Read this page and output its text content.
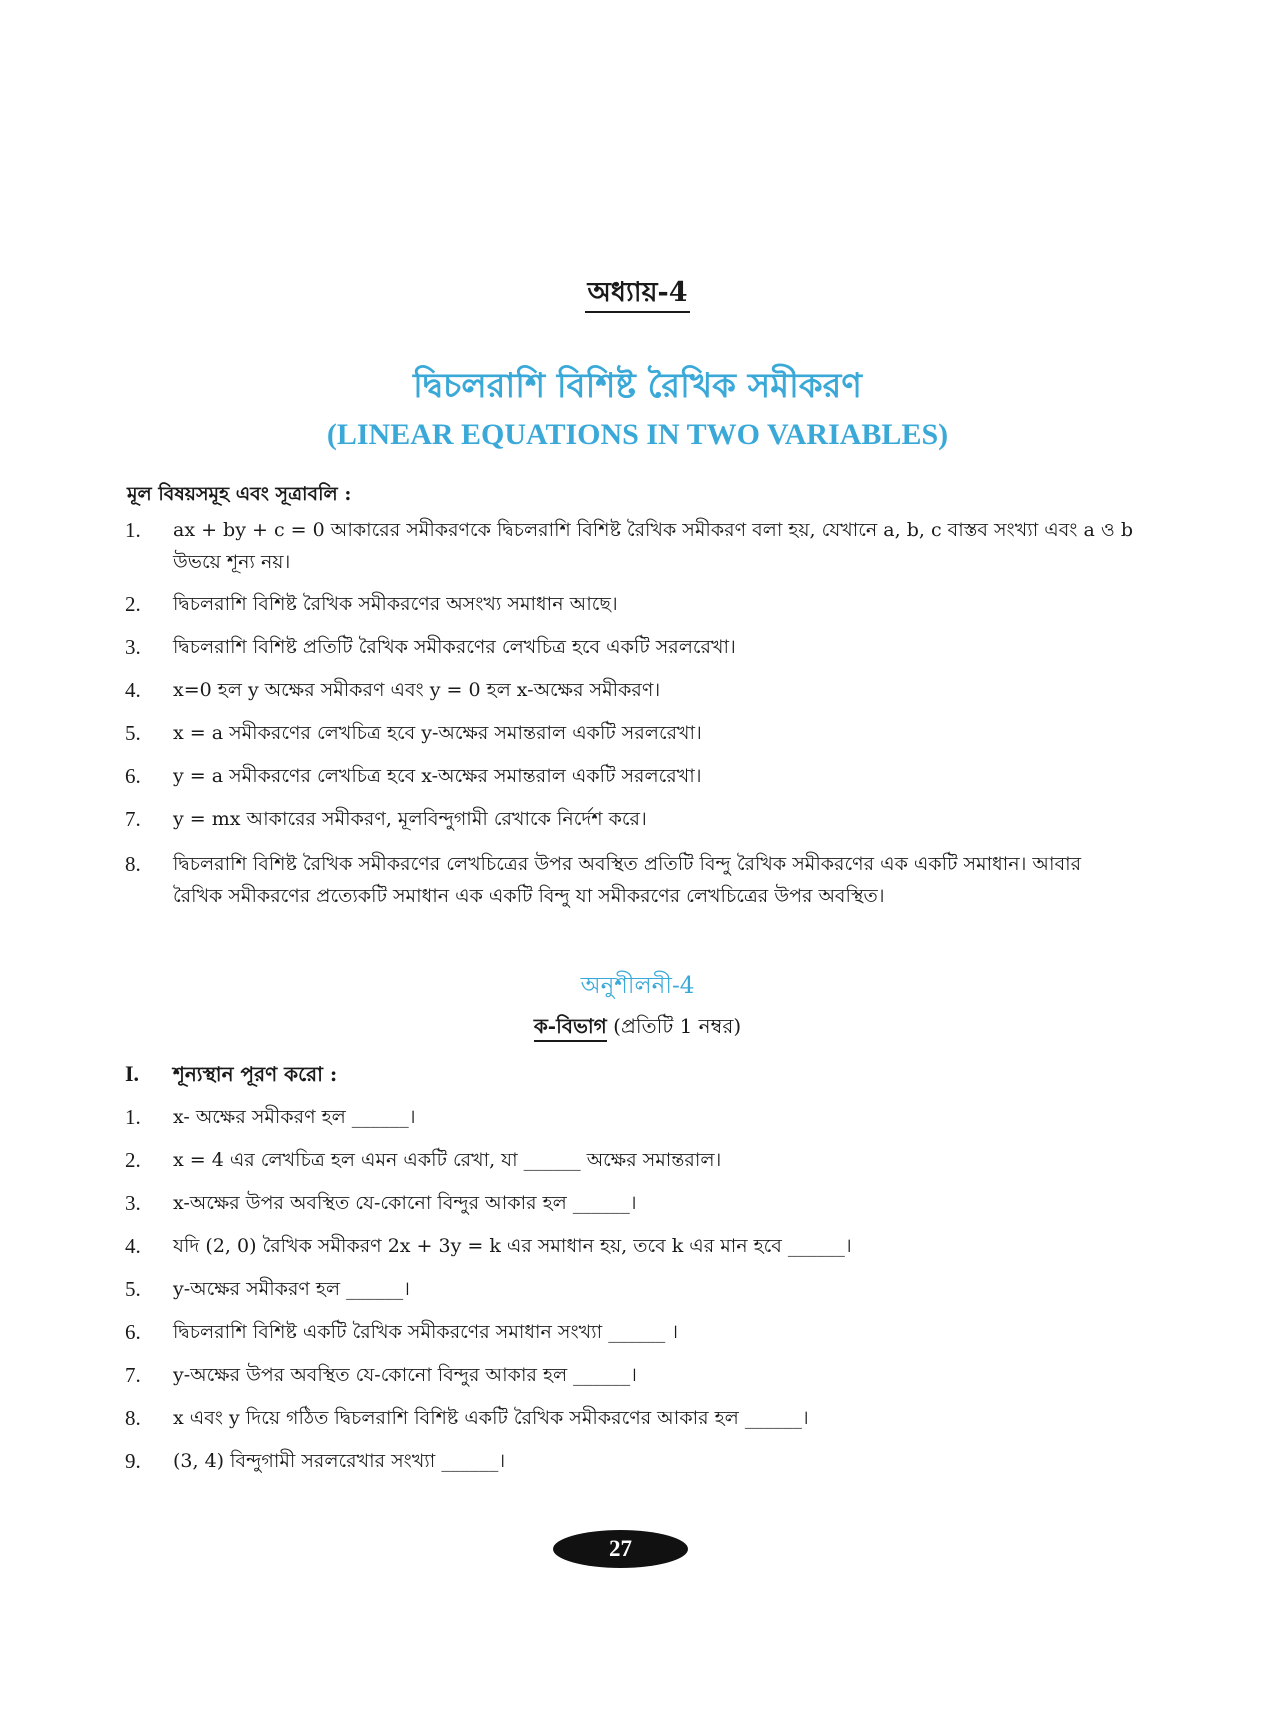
অধ্যায়-4
দ্বিচলরাশি বিশিষ্ট রৈখিক সমীকরণ
(LINEAR EQUATIONS IN TWO VARIABLES)
মূল বিষয়সমূহ এবং সূত্রাবলি :
1.	ax + by + c = 0 আকারের সমীকরণকে দ্বিচলরাশি বিশিষ্ট রৈখিক সমীকরণ বলা হয়, যেখানে a, b, c বাস্তব সংখ্যা এবং a ও b উভয়ে শূন্য নয়।
2.	দ্বিচলরাশি বিশিষ্ট রৈখিক সমীকরণের অসংখ্য সমাধান আছে।
3.	দ্বিচলরাশি বিশিষ্ট প্রতিটি রৈখিক সমীকরণের লেখচিত্র হবে একটি সরলরেখা।
4.	x=0 হল y অক্ষের সমীকরণ এবং y = 0 হল x-অক্ষের সমীকরণ।
5.	x = a সমীকরণের লেখচিত্র হবে y-অক্ষের সমান্তরাল একটি সরলরেখা।
6.	y = a সমীকরণের লেখচিত্র হবে x-অক্ষের সমান্তরাল একটি সরলরেখা।
7.	y = mx আকারের সমীকরণ, মূলবিন্দুগামী রেখাকে নির্দেশ করে।
8.	দ্বিচলরাশি বিশিষ্ট রৈখিক সমীকরণের লেখচিত্রের উপর অবস্থিত প্রতিটি বিন্দু রৈখিক সমীকরণের এক একটি সমাধান। আবার রৈখিক সমীকরণের প্রত্যেকটি সমাধান এক একটি বিন্দু যা সমীকরণের লেখচিত্রের উপর অবস্থিত।
অনুশীলনী-4
ক-বিভাগ (প্রতিটি 1 নম্বর)
I. শূন্যস্থান পূরণ করো :
1.	x- অক্ষের সমীকরণ হল ______।
2.	x = 4 এর লেখচিত্র হল এমন একটি রেখা, যা ______ অক্ষের সমান্তরাল।
3.	x-অক্ষের উপর অবস্থিত যে-কোনো বিন্দুর আকার হল ______।
4.	যদি (2, 0) রৈখিক সমীকরণ 2x + 3y = k এর সমাধান হয়, তবে k এর মান হবে ______।
5.	y-অক্ষের সমীকরণ হল ______।
6.	দ্বিচলরাশি বিশিষ্ট একটি রৈখিক সমীকরণের সমাধান সংখ্যা ______ ।
7.	y-অক্ষের উপর অবস্থিত যে-কোনো বিন্দুর আকার হল ______।
8.	x এবং y দিয়ে গঠিত দ্বিচলরাশি বিশিষ্ট একটি রৈখিক সমীকরণের আকার হল ______।
9.	(3, 4) বিন্দুগামী সরলরেখার সংখ্যা ______।
27
